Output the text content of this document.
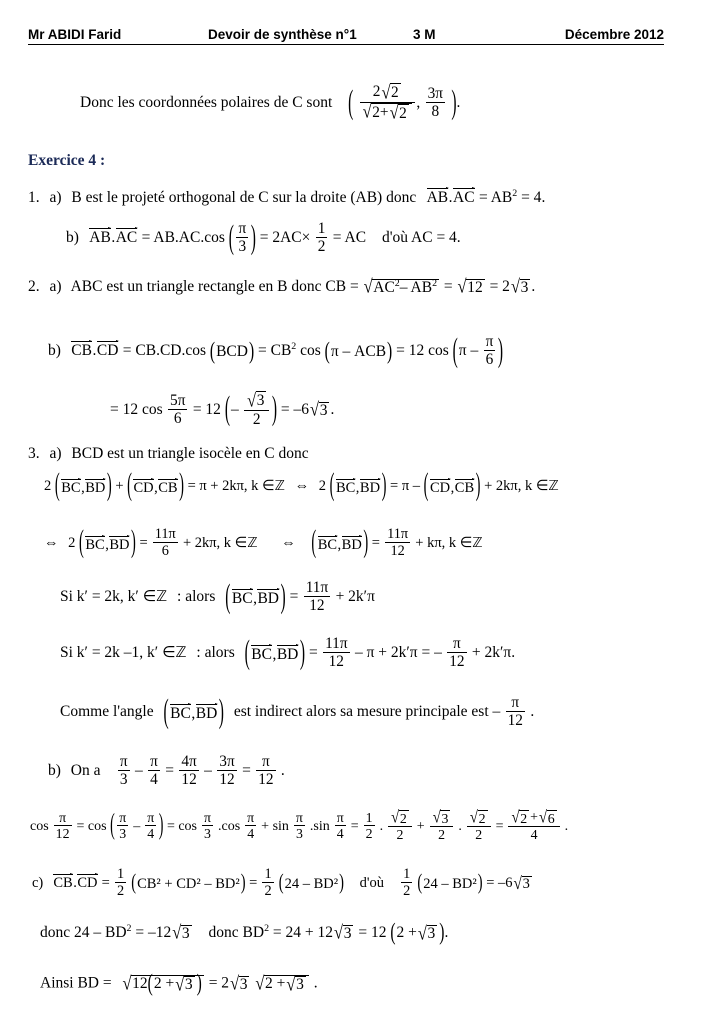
Mr ABIDI Farid	Devoir de synthèse n°1	3 M	Décembre 2012
Donc les coordonnées polaires de C sont ( 2 √ 2
√ 2+ √ 2 , $\frac{3\pi}{8}$ ).
Exercice 4 :
1. a) B est le projeté orthogonal de C sur la droite (AB) donc $AB.AC = AB^2 = 4$.
b) AB.AC = AB.AC.cos ( $\frac{\pi}{3}$ ) = $2AC\times \frac{1}{2}$ = AC d'où AC = 4.
2. a) ABC est un triangle rectangle en B donc CB = √ $AC^2-$ $AB^2$ = √ 12 = 2 √ 3 .
b) CB.CD = CB.CD.cos $(BCD) = CB^2$ cos (π – ACB) = 12 $\cos (\pi - \frac{\pi}{6}$ )
= 12 $\cos \frac{5\pi}{6} = 12$ (– √ $\frac{3}{2}$ ) = –6 √ 3 .
3. a) BCD est un triangle isocèle en C donc
2 ( BC,BD ) + ( CD,CB ) = π + 2kπ, k ∈ℤ ⇔ 2 ( BC,BD ) = π – ( CD,CB ) + 2kπ, k ∈ℤ
⇔ 2 ( BC,BD ) = $\frac{11\pi}{6} + 2k\pi$, k ∈ℤ ⇔ ( BC,BD ) = $\frac{11\pi}{12} + k\pi$, k ∈ℤ
Si k′ = 2k, k′ ∈ℤ : alors $(BC,BD) = \frac{11\pi}{12} + 2k'\pi$
Si k′ = 2k –1, k′ ∈ℤ : alors $(BC,BD) = \frac{11\pi}{12} - \pi + 2k'\pi$ = – $\frac{\pi}{12} + 2k'\pi$.
Comme l'angle (BC,BD) est indirect alors sa mesure principale est – $\frac{\pi}{12}$ .
b) On a $\frac{\pi}{3} - \frac{\pi}{4} = \frac{4\pi}{12} - \frac{3\pi}{12} = \frac{\pi}{12}$ .
$\cos \frac{\pi}{12} = \cos$ ( $\frac{\pi}{3} - \frac{\pi}{4}$ ) = $\cos \frac{\pi}{3} .\cos \frac{\pi}{4} + \sin \frac{\pi}{3} .\sin \frac{\pi}{4} = \frac{1}{2}$ . √ $\frac{2}{2}$ + √ $\frac{3}{2}$ . √ $\frac{2}{2}$ = √ $\frac{2 + √ 6}{4}$ .
c) $CB.CD = \frac{1}{2} (CB^2 + CD^2 - BD^2) = \frac{1}{2} (24 - BD^2)$ d'où $\frac{1}{2} (24 - BD^2) = -6$ √ 3
donc $24 - BD^2 = -12$ √ 3 donc $BD^2 = 24 + 12$ √ 3 = 12 (2 + √ 3 ).
Ainsi BD = √ 12(2 + √ 3 ) = 2 √ 3 √ 2 + √ 3 .
